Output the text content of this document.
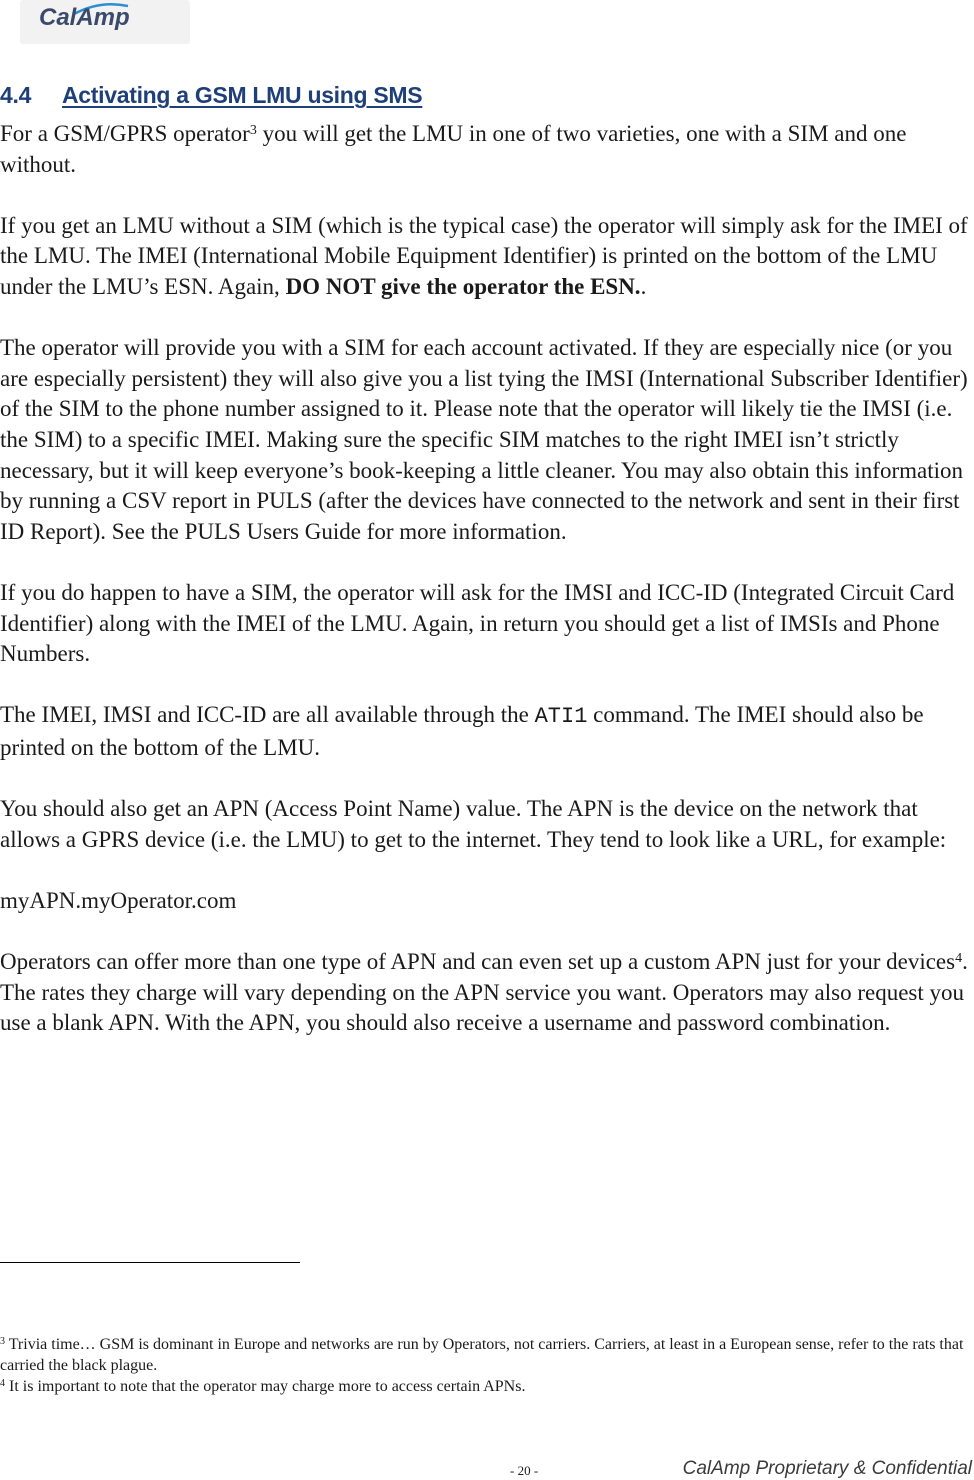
CalAmp
4.4 Activating a GSM LMU using SMS

For a GSM/GPRS operator$^3$ you will get the LMU in one of two varieties, one with a SIM and one without.

If you get an LMU without a SIM (which is the typical case) the operator will simply ask for the IMEI of the LMU. The IMEI (International Mobile Equipment Identifier) is printed on the bottom of the LMU under the LMU’s ESN. Again, DO NOT give the operator the ESN..

The operator will provide you with a SIM for each account activated. If they are especially nice (or you are especially persistent) they will also give you a list tying the IMSI (International Subscriber Identifier) of the SIM to the phone number assigned to it. Please note that the operator will likely tie the IMSI (i.e. the SIM) to a specific IMEI. Making sure the specific SIM matches to the right IMEI isn’t strictly necessary, but it will keep everyone’s book-keeping a little cleaner. You may also obtain this information by running a CSV report in PULS (after the devices have connected to the network and sent in their first ID Report). See the PULS Users Guide for more information.

If you do happen to have a SIM, the operator will ask for the IMSI and ICC-ID (Integrated Circuit Card Identifier) along with the IMEI of the LMU. Again, in return you should get a list of IMSIs and Phone Numbers.

The IMEI, IMSI and ICC-ID are all available through the ATI1 command. The IMEI should also be printed on the bottom of the LMU.

You should also get an APN (Access Point Name) value. The APN is the device on the network that allows a GPRS device (i.e. the LMU) to get to the internet. They tend to look like a URL, for example:

myAPN.myOperator.com

Operators can offer more than one type of APN and can even set up a custom APN just for your devices$^4$. The rates they charge will vary depending on the APN service you want. Operators may also request you use a blank APN. With the APN, you should also receive a username and password combination.

$^3$ Trivia time… GSM is dominant in Europe and networks are run by Operators, not carriers. Carriers, at least in a European sense, refer to the rats that carried the black plague.

$^4$ It is important to note that the operator may charge more to access certain APNs.

- 20 -	CalAmp Proprietary & Confidential
